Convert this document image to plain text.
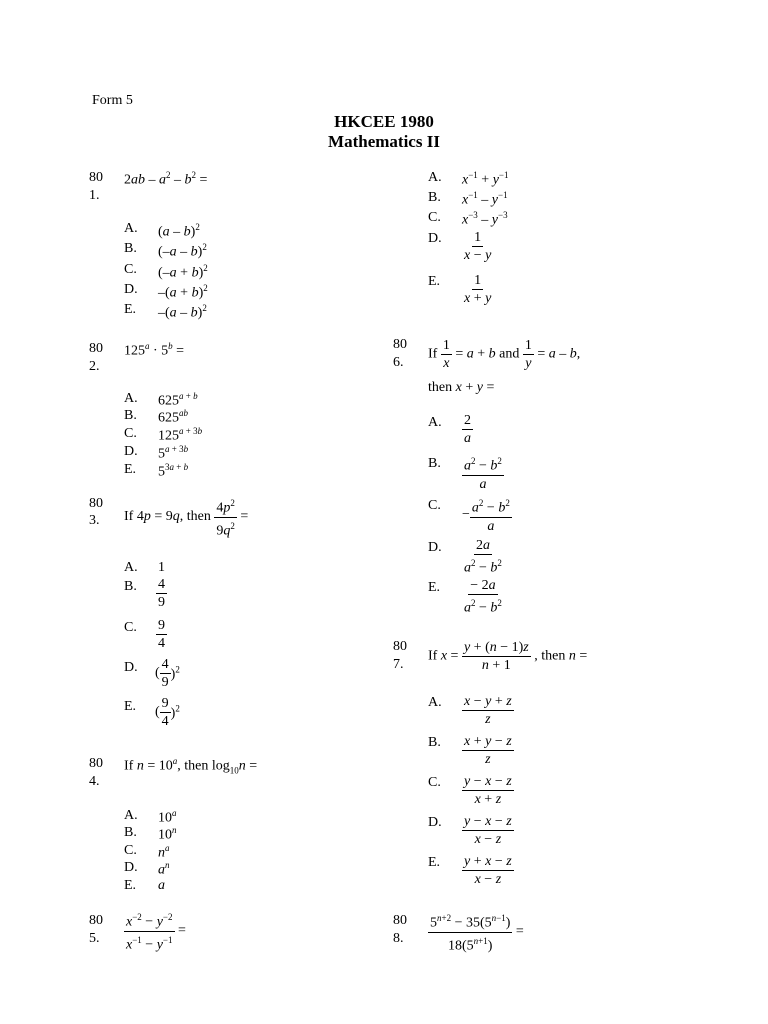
Form 5
HKCEE 1980
Mathematics II
80
1.
$2ab - a^2 - b^2$ =
A. (a – b)$^2$
B. (–a – b)$^2$
C. $(-a + b)^2$
D. $-(a + b)^2$
E. –(a – b)$^2$
80
2.
$125^a \cdot 5^b$ =
A. $625^{a + b}$
B. $625^{ab}$
C. $125^{a + 3b}$
D. $5^{a + 3b}$
E. $5^{3a + b}$
80
3. If 4p = 9q, then $\frac{4p^2}{9q^2}$ =
A. 1
B. $\frac{4}{9}$
C. $\frac{9}{4}$
D. ( $\frac{4}{9} )^2$
E. ( $\frac{9}{4} )^2$
80
4.
If $n = 10^a$, then $\log_{10}n$ =
A. 10$^a$
B. 10$^n$
C. $n^a$
D. $a^n$
E. a
80
5. $\frac{x^{-2} - y^{-2}}{x^{-1} - y^{-1}}$ =
A. $x^{-1} + y^{-1}$
B. $x^{-1} - y^{-1}$
C. $x^{-3} - y^{-3}$
D. $\frac{1}{x - y}$
E. $\frac{1}{x + y}$
80
6.
If $\frac{1}{x} = a + b$ and $\frac{1}{y} = a - b$,
then x + y =
A. $\frac{2}{a}$
B. $\frac{a^2 - b^2}{a}$
C.
− $\frac{a^2 - b^2}{a}$
D. $\frac{2a}{a^2 - b^2}$
E. $\frac{- 2a}{a^2 - b^2}$
80
7.
If $x = \frac{y + (n - 1)z}{n + 1}$ , then n =
A. $\frac{x - y + z}{z}$
B. $\frac{x + y - z}{z}$
C. $\frac{y - x - z}{x + z}$
D. $\frac{y - x - z}{x - z}$
E. $\frac{y + x - z}{x - z}$
80
8. $\frac{5^{n+2} - 35(5^{n-1})}{18(5^{n+1})}$ =
